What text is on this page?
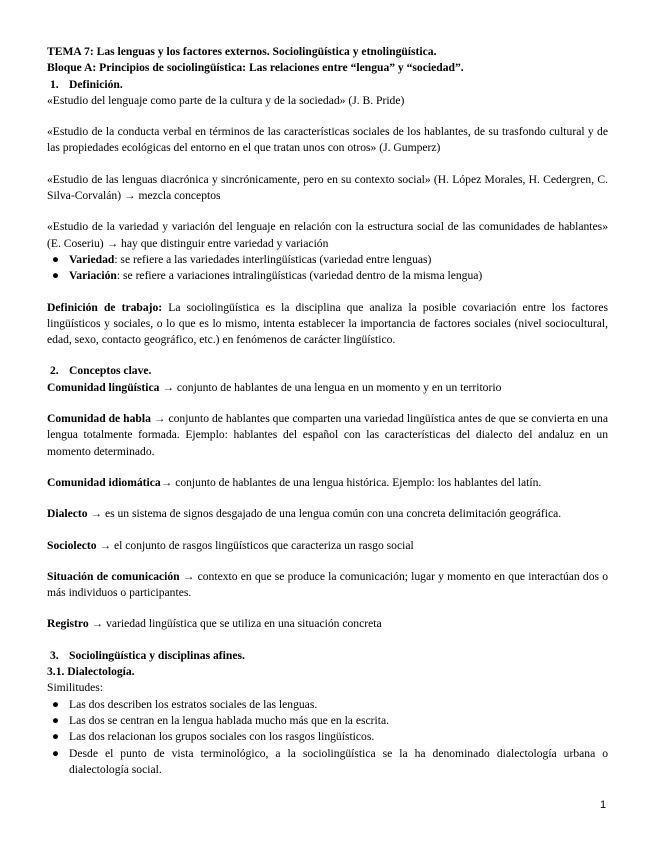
TEMA 7: Las lenguas y los factores externos. Sociolingüística y etnolingüística.

Bloque A: Principios de sociolingüística: Las relaciones entre “lengua” y “sociedad”.

1. Definición.

«Estudio del lenguaje como parte de la cultura y de la sociedad» (J. B. Pride)

«Estudio de la conducta verbal en términos de las características sociales de los hablantes, de su trasfondo cultural y de las propiedades ecológicas del entorno en el que tratan unos con otros» (J. Gumperz)

«Estudio de las lenguas diacrónica y sincrónicamente, pero en su contexto social» (H. López Morales, H. Cedergren, C. Silva-Corvalán) → mezcla conceptos

«Estudio de la variedad y variación del lenguaje en relación con la estructura social de las comunidades de hablantes» (E. Coseriu) → hay que distinguir entre variedad y variación

● Variedad: se refiere a las variedades interlingüísticas (variedad entre lenguas)
● Variación: se refiere a variaciones intralingüísticas (variedad dentro de la misma lengua)

Definición de trabajo: La sociolingüística es la disciplina que analiza la posible covariación entre los factores lingüísticos y sociales, o lo que es lo mismo, intenta establecer la importancia de factores sociales (nivel sociocultural, edad, sexo, contacto geográfico, etc.) en fenómenos de carácter lingüístico.

2. Conceptos clave.

Comunidad lingüística → conjunto de hablantes de una lengua en un momento y en un territorio

Comunidad de habla → conjunto de hablantes que comparten una variedad lingüística antes de que se convierta en una lengua totalmente formada. Ejemplo: hablantes del español con las características del dialecto del andaluz en un momento determinado.

Comunidad idiomática→ conjunto de hablantes de una lengua histórica. Ejemplo: los hablantes del latín.

Dialecto → es un sistema de signos desgajado de una lengua común con una concreta delimitación geográfica.

Sociolecto → el conjunto de rasgos lingüísticos que caracteriza un rasgo social

Situación de comunicación → contexto en que se produce la comunicación; lugar y momento en que interactúan dos o más individuos o participantes.

Registro → variedad lingüística que se utiliza en una situación concreta

3. Sociolingüística y disciplinas afines.

3.1. Dialectología.

Similitudes:

● Las dos describen los estratos sociales de las lenguas.
● Las dos se centran en la lengua hablada mucho más que en la escrita.
● Las dos relacionan los grupos sociales con los rasgos lingüísticos.
● Desde el punto de vista terminológico, a la sociolingüística se la ha denominado dialectología urbana o dialectología social.
1
